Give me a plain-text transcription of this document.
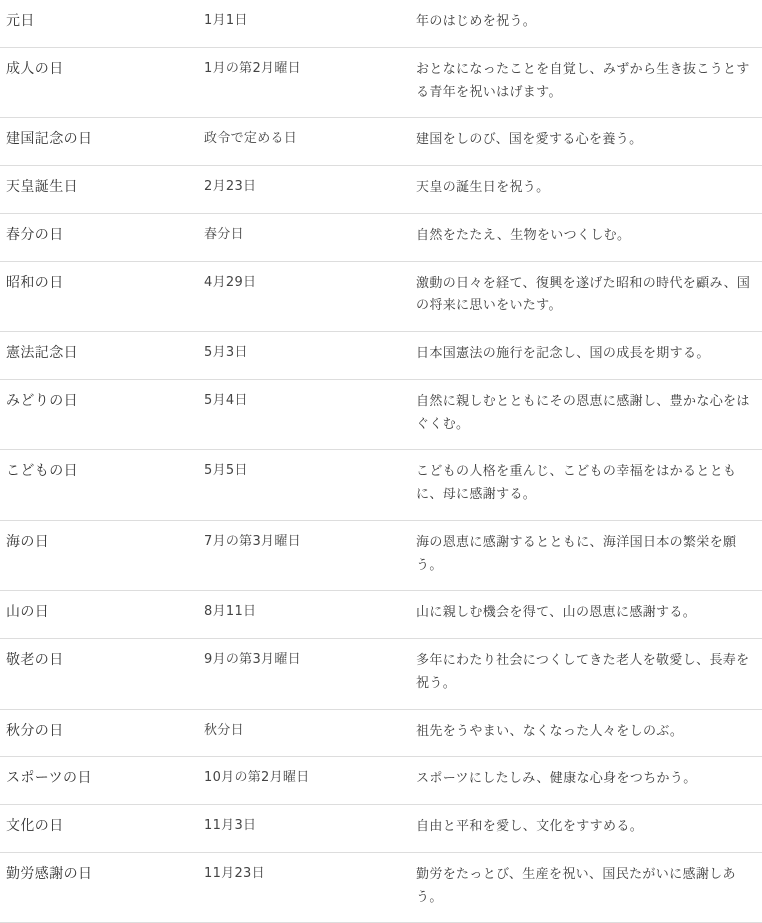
元日	1月1日	年のはじめを祝う。
成人の日	1月の第2月曜日	おとなになったことを自覚し、みずから生き抜こうとする青年を祝いはげます。
建国記念の日	政令で定める日	建国をしのび、国を愛する心を養う。
天皇誕生日	2月23日	天皇の誕生日を祝う。
春分の日	春分日	自然をたたえ、生物をいつくしむ。
昭和の日	4月29日	激動の日々を経て、復興を遂げた昭和の時代を顧み、国の将来に思いをいたす。
憲法記念日	5月3日	日本国憲法の施行を記念し、国の成長を期する。
みどりの日	5月4日	自然に親しむとともにその恩恵に感謝し、豊かな心をはぐくむ。
こどもの日	5月5日	こどもの人格を重んじ、こどもの幸福をはかるとともに、母に感謝する。
海の日	7月の第3月曜日	海の恩恵に感謝するとともに、海洋国日本の繁栄を願う。
山の日	8月11日	山に親しむ機会を得て、山の恩恵に感謝する。
敬老の日	9月の第3月曜日	多年にわたり社会につくしてきた老人を敬愛し、長寿を祝う。
秋分の日	秋分日	祖先をうやまい、なくなった人々をしのぶ。
スポーツの日	10月の第2月曜日	スポーツにしたしみ、健康な心身をつちかう。
文化の日	11月3日	自由と平和を愛し、文化をすすめる。
勤労感謝の日	11月23日	勤労をたっとび、生産を祝い、国民たがいに感謝しあう。
